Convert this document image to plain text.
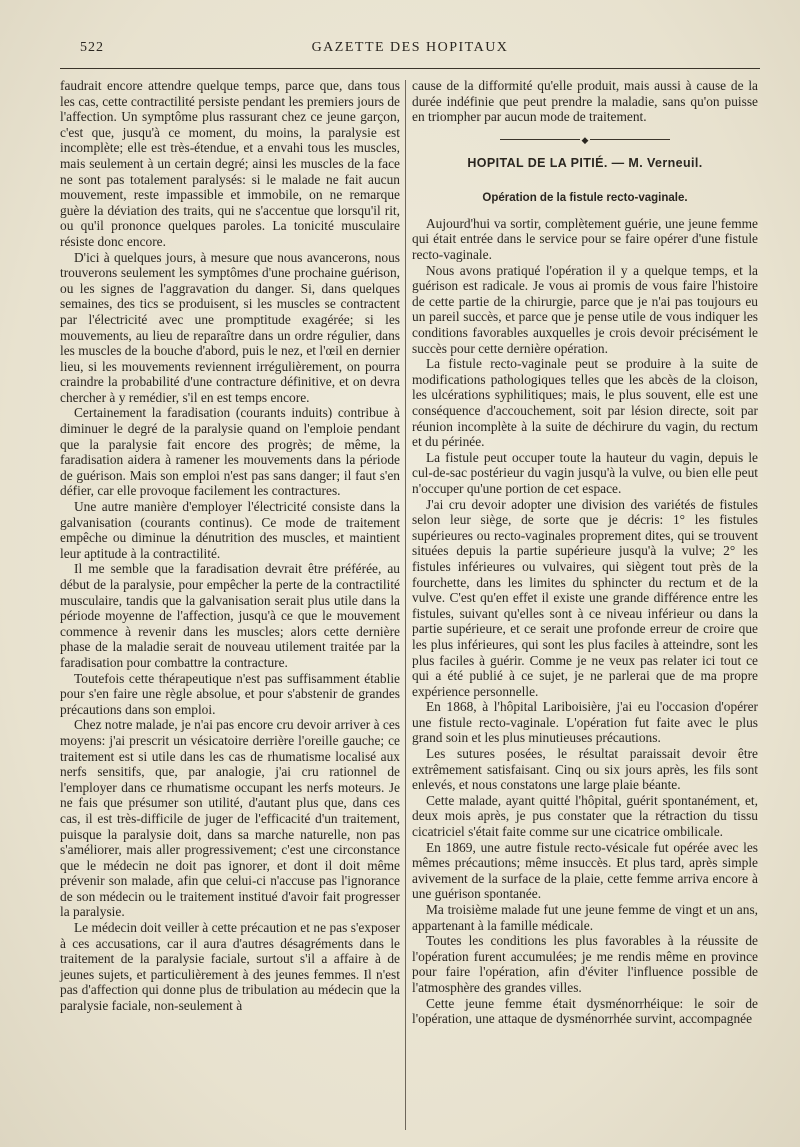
522	GAZETTE DES HOPITAUX

faudrait encore attendre quelque temps, parce que, dans tous les cas, cette contractilité persiste pendant les premiers jours de l'affection. Un symptôme plus rassurant chez ce jeune garçon, c'est que, jusqu'à ce moment, du moins, la paralysie est incomplète; elle est très-étendue, et a envahi tous les muscles, mais seulement à un certain degré; ainsi les muscles de la face ne sont pas totalement paralysés: si le malade ne fait aucun mouvement, reste impassible et immobile, on ne remarque guère la déviation des traits, qui ne s'accentue que lorsqu'il rit, ou qu'il prononce quelques paroles. La tonicité musculaire résiste donc encore.

D'ici à quelques jours, à mesure que nous avancerons, nous trouverons seulement les symptômes d'une prochaine guérison, ou les signes de l'aggravation du danger. Si, dans quelques semaines, des tics se produisent, si les muscles se contractent par l'électricité avec une promptitude exagérée; si les mouvements, au lieu de reparaître dans un ordre régulier, dans les muscles de la bouche d'abord, puis le nez, et l'œil en dernier lieu, si les mouvements reviennent irrégulièrement, on pourra craindre la probabilité d'une contracture définitive, et on devra chercher à y remédier, s'il en est temps encore.

Certainement la faradisation (courants induits) contribue à diminuer le degré de la paralysie quand on l'emploie pendant que la paralysie fait encore des progrès; de même, la faradisation aidera à ramener les mouvements dans la période de guérison. Mais son emploi n'est pas sans danger; il faut s'en défier, car elle provoque facilement les contractures.

Une autre manière d'employer l'électricité consiste dans la galvanisation (courants continus). Ce mode de traitement empêche ou diminue la dénutrition des muscles, et maintient leur aptitude à la contractilité.

Il me semble que la faradisation devrait être préférée, au début de la paralysie, pour empêcher la perte de la contractilité musculaire, tandis que la galvanisation serait plus utile dans la période moyenne de l'affection, jusqu'à ce que le mouvement commence à revenir dans les muscles; alors cette dernière phase de la maladie serait de nouveau utilement traitée par la faradisation pour combattre la contracture.

Toutefois cette thérapeutique n'est pas suffisamment établie pour s'en faire une règle absolue, et pour s'abstenir de grandes précautions dans son emploi.

Chez notre malade, je n'ai pas encore cru devoir arriver à ces moyens: j'ai prescrit un vésicatoire derrière l'oreille gauche; ce traitement est si utile dans les cas de rhumatisme localisé aux nerfs sensitifs, que, par analogie, j'ai cru rationnel de l'employer dans ce rhumatisme occupant les nerfs moteurs. Je ne fais que présumer son utilité, d'autant plus que, dans ces cas, il est très-difficile de juger de l'efficacité d'un traitement, puisque la paralysie doit, dans sa marche naturelle, non pas s'améliorer, mais aller progressivement; c'est une circonstance que le médecin ne doit pas ignorer, et dont il doit même prévenir son malade, afin que celui-ci n'accuse pas l'ignorance de son médecin ou le traitement institué d'avoir fait progresser la paralysie.

Le médecin doit veiller à cette précaution et ne pas s'exposer à ces accusations, car il aura d'autres désagréments dans le traitement de la paralysie faciale, surtout s'il a affaire à de jeunes sujets, et particulièrement à des jeunes femmes. Il n'est pas d'affection qui donne plus de tribulation au médecin que la paralysie faciale, non-seulement à

cause de la difformité qu'elle produit, mais aussi à cause de la durée indéfinie que peut prendre la maladie, sans qu'on puisse en triompher par aucun mode de traitement.

◆
HOPITAL DE LA PITIÉ. — M. Verneuil.
Opération de la fistule recto-vaginale.

Aujourd'hui va sortir, complètement guérie, une jeune femme qui était entrée dans le service pour se faire opérer d'une fistule recto-vaginale.

Nous avons pratiqué l'opération il y a quelque temps, et la guérison est radicale. Je vous ai promis de vous faire l'histoire de cette partie de la chirurgie, parce que je n'ai pas toujours eu un pareil succès, et parce que je pense utile de vous indiquer les conditions favorables auxquelles je crois devoir précisément le succès pour cette dernière opération.

La fistule recto-vaginale peut se produire à la suite de modifications pathologiques telles que les abcès de la cloison, les ulcérations syphilitiques; mais, le plus souvent, elle est une conséquence d'accouchement, soit par lésion directe, soit par réunion incomplète à la suite de déchirure du vagin, du rectum et du périnée.

La fistule peut occuper toute la hauteur du vagin, depuis le cul-de-sac postérieur du vagin jusqu'à la vulve, ou bien elle peut n'occuper qu'une portion de cet espace.

J'ai cru devoir adopter une division des variétés de fistules selon leur siège, de sorte que je décris: 1° les fistules supérieures ou recto-vaginales proprement dites, qui se trouvent situées depuis la partie supérieure jusqu'à la vulve; 2° les fistules inférieures ou vulvaires, qui siègent tout près de la fourchette, dans les limites du sphincter du rectum et de la vulve. C'est qu'en effet il existe une grande différence entre les fistules, suivant qu'elles sont à ce niveau inférieur ou dans la partie supérieure, et ce serait une profonde erreur de croire que les plus inférieures, qui sont les plus faciles à atteindre, sont les plus faciles à guérir. Comme je ne veux pas relater ici tout ce qui a été publié à ce sujet, je ne parlerai que de ma propre expérience personnelle.

En 1868, à l'hôpital Lariboisière, j'ai eu l'occasion d'opérer une fistule recto-vaginale. L'opération fut faite avec le plus grand soin et les plus minutieuses précautions.

Les sutures posées, le résultat paraissait devoir être extrêmement satisfaisant. Cinq ou six jours après, les fils sont enlevés, et nous constatons une large plaie béante.

Cette malade, ayant quitté l'hôpital, guérit spontanément, et, deux mois après, je pus constater que la rétraction du tissu cicatriciel s'était faite comme sur une cicatrice ombilicale.

En 1869, une autre fistule recto-vésicale fut opérée avec les mêmes précautions; même insuccès. Et plus tard, après simple avivement de la surface de la plaie, cette femme arriva encore à une guérison spontanée.

Ma troisième malade fut une jeune femme de vingt et un ans, appartenant à la famille médicale.

Toutes les conditions les plus favorables à la réussite de l'opération furent accumulées; je me rendis même en province pour faire l'opération, afin d'éviter l'influence possible de l'atmosphère des grandes villes.

Cette jeune femme était dysménorrhéique: le soir de l'opération, une attaque de dysménorrhée survint, accompagnée
